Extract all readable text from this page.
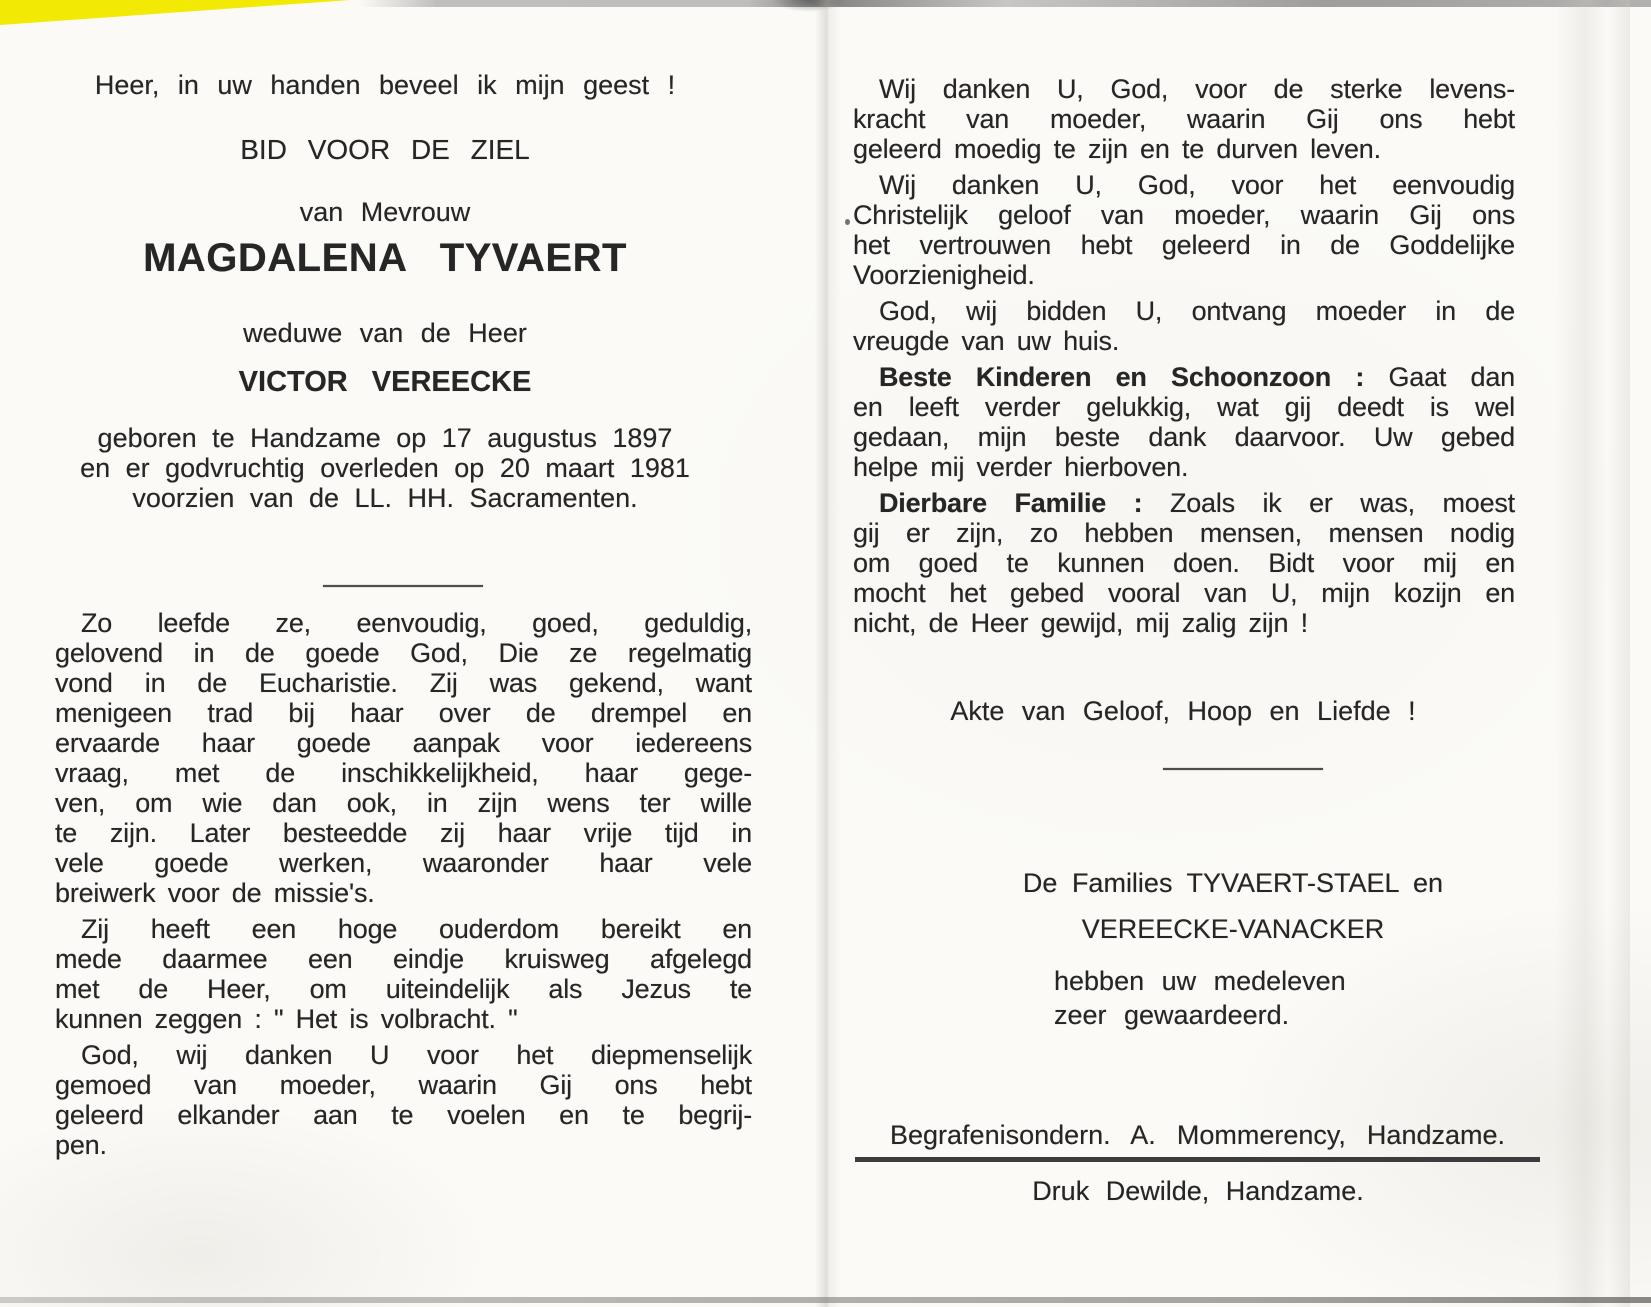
Heer, in uw handen beveel ik mijn geest !
BID VOOR DE ZIEL
van Mevrouw
MAGDALENA TYVAERT
weduwe van de Heer
VICTOR VEREECKE
geboren te Handzame op 17 augustus 1897
en er godvruchtig overleden op 20 maart 1981
voorzien van de LL. HH. Sacramenten.
Zo leefde ze, eenvoudig, goed, geduldig,
gelovend in de goede God, Die ze regelmatig
vond in de Eucharistie. Zij was gekend, want
menigeen trad bij haar over de drempel en
ervaarde haar goede aanpak voor iedereens
vraag, met de inschikkelijkheid, haar gege-
ven, om wie dan ook, in zijn wens ter wille
te zijn. Later besteedde zij haar vrije tijd in
vele goede werken, waaronder haar vele
breiwerk voor de missie's.
Zij heeft een hoge ouderdom bereikt en
mede daarmee een eindje kruisweg afgelegd
met de Heer, om uiteindelijk als Jezus te
kunnen zeggen : " Het is volbracht. "
God, wij danken U voor het diepmenselijk
gemoed van moeder, waarin Gij ons hebt
geleerd elkander aan te voelen en te begrij-
pen.
Wij danken U, God, voor de sterke levens-
kracht van moeder, waarin Gij ons hebt
geleerd moedig te zijn en te durven leven.
Wij danken U, God, voor het eenvoudig
Christelijk geloof van moeder, waarin Gij ons
het vertrouwen hebt geleerd in de Goddelijke
Voorzienigheid.
God, wij bidden U, ontvang moeder in de
vreugde van uw huis.
Beste Kinderen en Schoonzoon : Gaat dan
en leeft verder gelukkig, wat gij deedt is wel
gedaan, mijn beste dank daarvoor. Uw gebed
helpe mij verder hierboven.
Dierbare Familie : Zoals ik er was, moest
gij er zijn, zo hebben mensen, mensen nodig
om goed te kunnen doen. Bidt voor mij en
mocht het gebed vooral van U, mijn kozijn en
nicht, de Heer gewijd, mij zalig zijn !
Akte van Geloof, Hoop en Liefde !
De Families TYVAERT-STAEL en
VEREECKE-VANACKER
hebben uw medeleven
zeer gewaardeerd.
Begrafenisondern. A. Mommerency, Handzame.
Druk Dewilde, Handzame.
